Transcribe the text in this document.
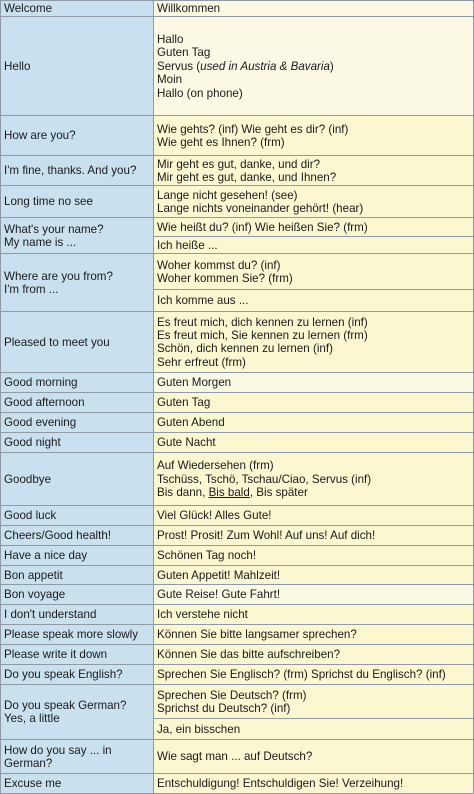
Welcome	Willkommen

Hello	Hallo
Guten Tag
Servus (used in Austria & Bavaria)
Moin
Hallo (on phone)

How are you?	Wie gehts? (inf) Wie geht es dir? (inf)
Wie geht es Ihnen? (frm)

I'm fine, thanks. And you?	Mir geht es gut, danke, und dir?
Mir geht es gut, danke, und Ihnen?

Long time no see	Lange nicht gesehen! (see)
Lange nichts voneinander gehört! (hear)

What's your name?
My name is ...	Wie heißt du? (inf) Wie heißen Sie? (frm)

	Ich heiße ...

Where are you from?
I'm from ...	Woher kommst du? (inf)
Woher kommen Sie? (frm)

	Ich komme aus ...

Pleased to meet you	Es freut mich, dich kennen zu lernen (inf)
Es freut mich, Sie kennen zu lernen (frm)
Schön, dich kennen zu lernen (inf)
Sehr erfreut (frm)

Good morning	Guten Morgen

Good afternoon	Guten Tag

Good evening	Guten Abend

Good night	Gute Nacht

Goodbye	Auf Wiedersehen (frm)
Tschüss, Tschö, Tschau/Ciao, Servus (inf)
Bis dann, Bis bald, Bis später

Good luck	Viel Glück! Alles Gute!

Cheers/Good health!	Prost! Prosit! Zum Wohl! Auf uns! Auf dich!

Have a nice day	Schönen Tag noch!

Bon appetit	Guten Appetit! Mahlzeit!

Bon voyage	Gute Reise! Gute Fahrt!

I don't understand	Ich verstehe nicht

Please speak more slowly	Können Sie bitte langsamer sprechen?

Please write it down	Können Sie das bitte aufschreiben?

Do you speak English?	Sprechen Sie Englisch? (frm) Sprichst du Englisch? (inf)

Do you speak German?
Yes, a little	Sprechen Sie Deutsch? (frm)
Sprichst du Deutsch? (inf)

	Ja, ein bisschen

How do you say ... in
German?	Wie sagt man ... auf Deutsch?

Excuse me	Entschuldigung! Entschuldigen Sie! Verzeihung!
